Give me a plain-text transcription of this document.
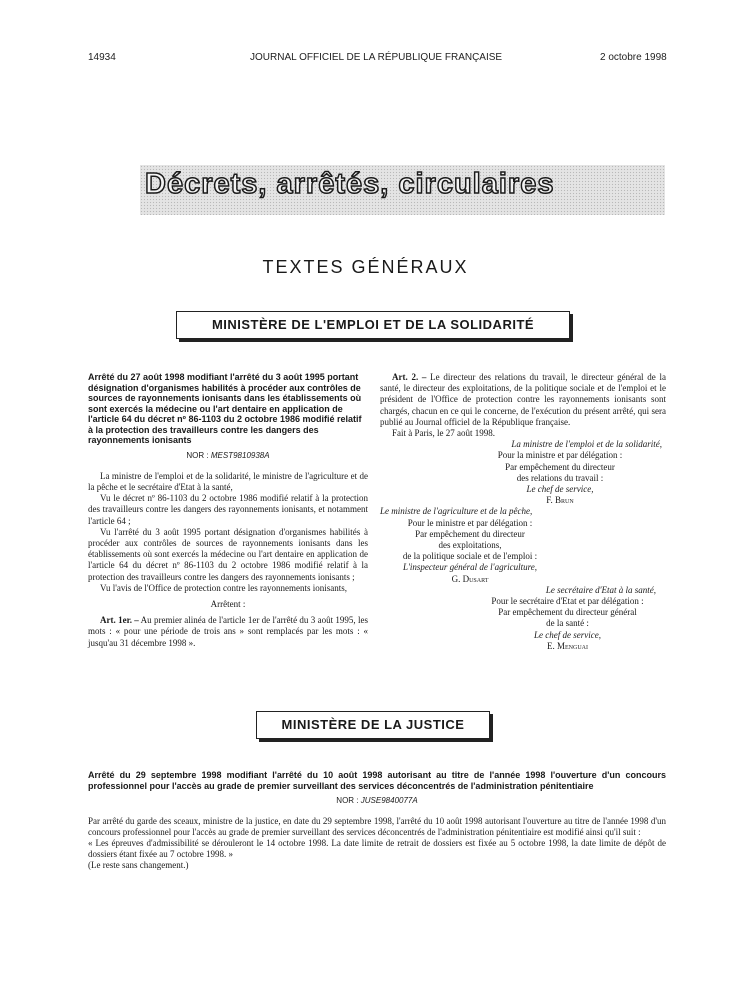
14934	JOURNAL OFFICIEL DE LA RÉPUBLIQUE FRANÇAISE	2 octobre 1998
Décrets, arrêtés, circulaires
TEXTES GÉNÉRAUX
MINISTÈRE DE L'EMPLOI ET DE LA SOLIDARITÉ
Arrêté du 27 août 1998 modifiant l'arrêté du 3 août 1995 portant désignation d'organismes habilités à procéder aux contrôles de sources de rayonnements ionisants dans les établissements où sont exercés la médecine ou l'art dentaire en application de l'article 64 du décret nº 86-1103 du 2 octobre 1986 modifié relatif à la protection des travailleurs contre les dangers des rayonnements ionisants
NOR : MEST9810938A

La ministre de l'emploi et de la solidarité, le ministre de l'agriculture et de la pêche et le secrétaire d'Etat à la santé,

Vu le décret nº 86-1103 du 2 octobre 1986 modifié relatif à la protection des travailleurs contre les dangers des rayonnements ionisants, et notamment l'article 64 ;

Vu l'arrêté du 3 août 1995 portant désignation d'organismes habilités à procéder aux contrôles de sources de rayonnements ionisants dans les établissements où sont exercés la médecine ou l'art dentaire en application de l'article 64 du décret nº 86-1103 du 2 octobre 1986 modifié relatif à la protection des travailleurs contre les dangers des rayonnements ionisants ;

Vu l'avis de l'Office de protection contre les rayonnements ionisants,

Arrêtent :

Art. 1er. – Au premier alinéa de l'article 1er de l'arrêté du 3 août 1995, les mots : « pour une période de trois ans » sont remplacés par les mots : « jusqu'au 31 décembre 1998 ».

Art. 2. – Le directeur des relations du travail, le directeur général de la santé, le directeur des exploitations, de la politique sociale et de l'emploi et le président de l'Office de protection contre les rayonnements ionisants sont chargés, chacun en ce qui le concerne, de l'exécution du présent arrêté, qui sera publié au Journal officiel de la République française.

Fait à Paris, le 27 août 1998.

La ministre de l'emploi et de la solidarité,
Pour la ministre et par délégation :
Par empêchement du directeur
des relations du travail :
Le chef de service,
F. Brun
Le ministre de l'agriculture et de la pêche,
Pour le ministre et par délégation :
Par empêchement du directeur
des exploitations,
de la politique sociale et de l'emploi :
L'inspecteur général de l'agriculture,
G. Dusart
Le secrétaire d'Etat à la santé,
Pour le secrétaire d'Etat et par délégation :
Par empêchement du directeur général
de la santé :
Le chef de service,
E. Menguai
MINISTÈRE DE LA JUSTICE
Arrêté du 29 septembre 1998 modifiant l'arrêté du 10 août 1998 autorisant au titre de l'année 1998 l'ouverture d'un concours professionnel pour l'accès au grade de premier surveillant des services déconcentrés de l'administration pénitentiaire
NOR : JUSE9840077A

Par arrêté du garde des sceaux, ministre de la justice, en date du 29 septembre 1998, l'arrêté du 10 août 1998 autorisant l'ouverture au titre de l'année 1998 d'un concours professionnel pour l'accès au grade de premier surveillant des services déconcentrés de l'administration pénitentiaire est modifié ainsi qu'il suit :

« Les épreuves d'admissibilité se dérouleront le 14 octobre 1998. La date limite de retrait de dossiers est fixée au 5 octobre 1998, la date limite de dépôt de dossiers étant fixée au 7 octobre 1998. »

(Le reste sans changement.)
